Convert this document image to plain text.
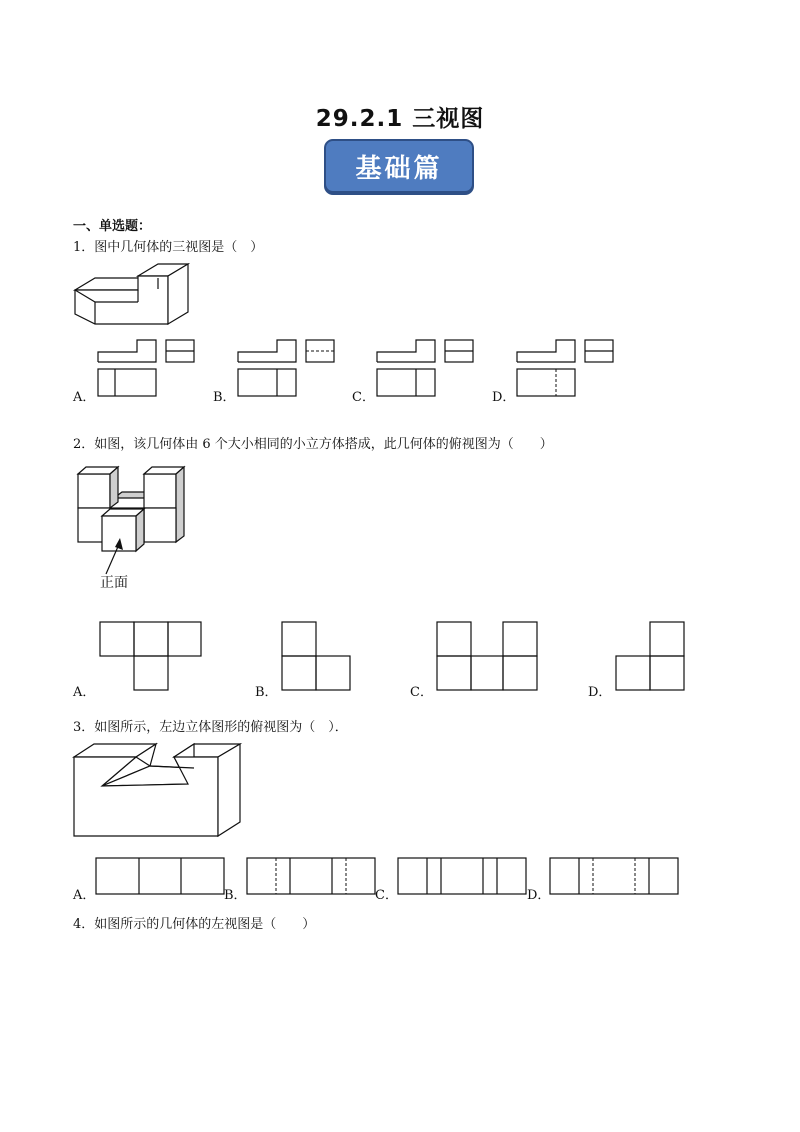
29.2.1 三视图
基础篇
一、单选题：
1．图中几何体的三视图是（　）
A．	B．	C．	D．
2．如图，该几何体由 6 个大小相同的小立方体搭成，此几何体的俯视图为（　　）
正面
A．	B．	C．	D．
3．如图所示，左边立体图形的俯视图为（　）．
A．	B．	C．	D．
4．如图所示的几何体的左视图是（　　）
